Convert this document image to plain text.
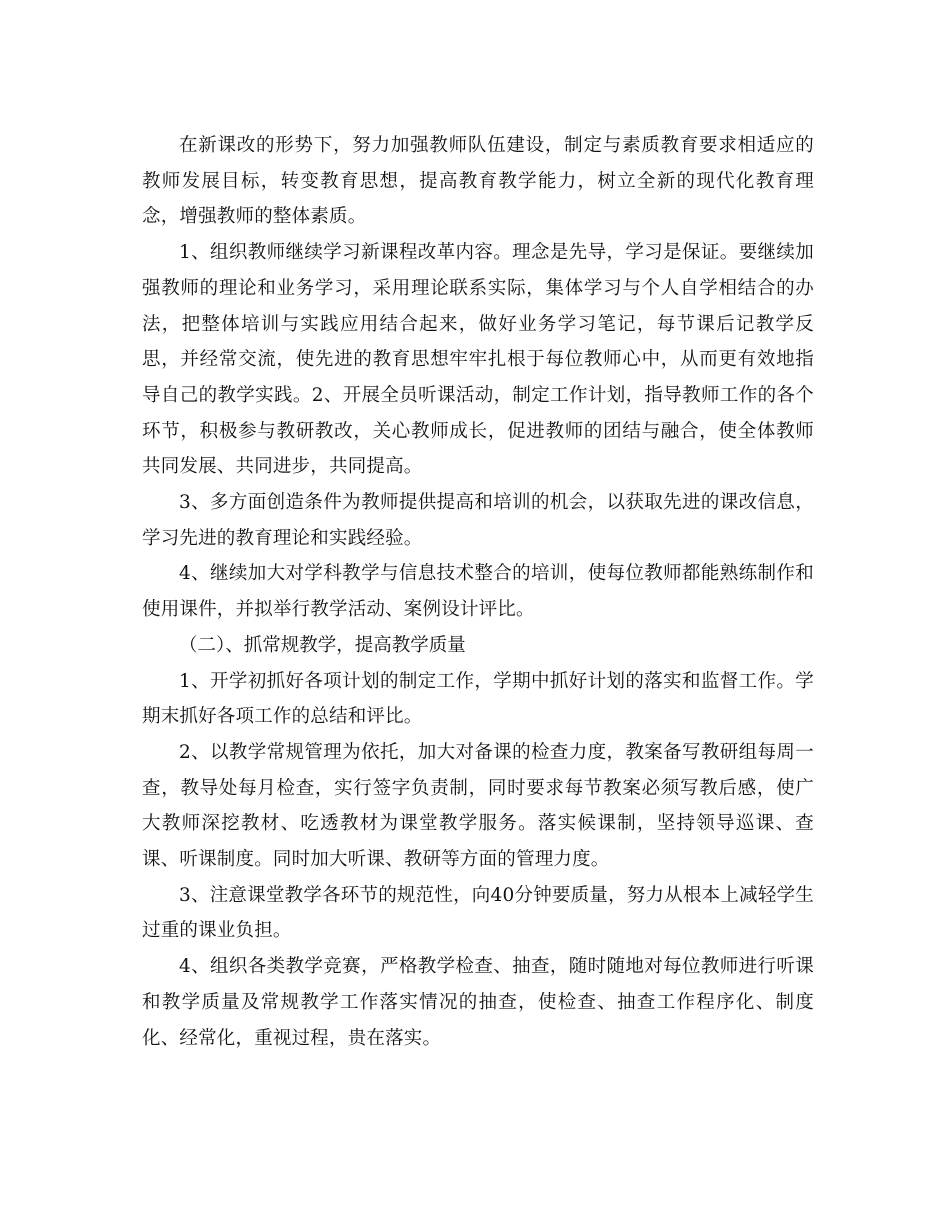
在新课改的形势下，努力加强教师队伍建设，制定与素质教育要求相适应的教师发展目标，转变教育思想，提高教育教学能力，树立全新的现代化教育理念，增强教师的整体素质。

1、组织教师继续学习新课程改革内容。理念是先导，学习是保证。要继续加强教师的理论和业务学习，采用理论联系实际，集体学习与个人自学相结合的办法，把整体培训与实践应用结合起来，做好业务学习笔记，每节课后记教学反思，并经常交流，使先进的教育思想牢牢扎根于每位教师心中，从而更有效地指导自己的教学实践。2、开展全员听课活动，制定工作计划，指导教师工作的各个环节，积极参与教研教改，关心教师成长，促进教师的团结与融合，使全体教师共同发展、共同进步，共同提高。

3、多方面创造条件为教师提供提高和培训的机会，以获取先进的课改信息，学习先进的教育理论和实践经验。

4、继续加大对学科教学与信息技术整合的培训，使每位教师都能熟练制作和使用课件，并拟举行教学活动、案例设计评比。

（二）、抓常规教学，提高教学质量

1、开学初抓好各项计划的制定工作，学期中抓好计划的落实和监督工作。学期末抓好各项工作的总结和评比。

2、以教学常规管理为依托，加大对备课的检查力度，教案备写教研组每周一查，教导处每月检查，实行签字负责制，同时要求每节教案必须写教后感，使广大教师深挖教材、吃透教材为课堂教学服务。落实候课制，坚持领导巡课、查课、听课制度。同时加大听课、教研等方面的管理力度。

3、注意课堂教学各环节的规范性，向40分钟要质量，努力从根本上减轻学生过重的课业负担。

4、组织各类教学竞赛，严格教学检查、抽查，随时随地对每位教师进行听课和教学质量及常规教学工作落实情况的抽查，使检查、抽查工作程序化、制度化、经常化，重视过程，贵在落实。
